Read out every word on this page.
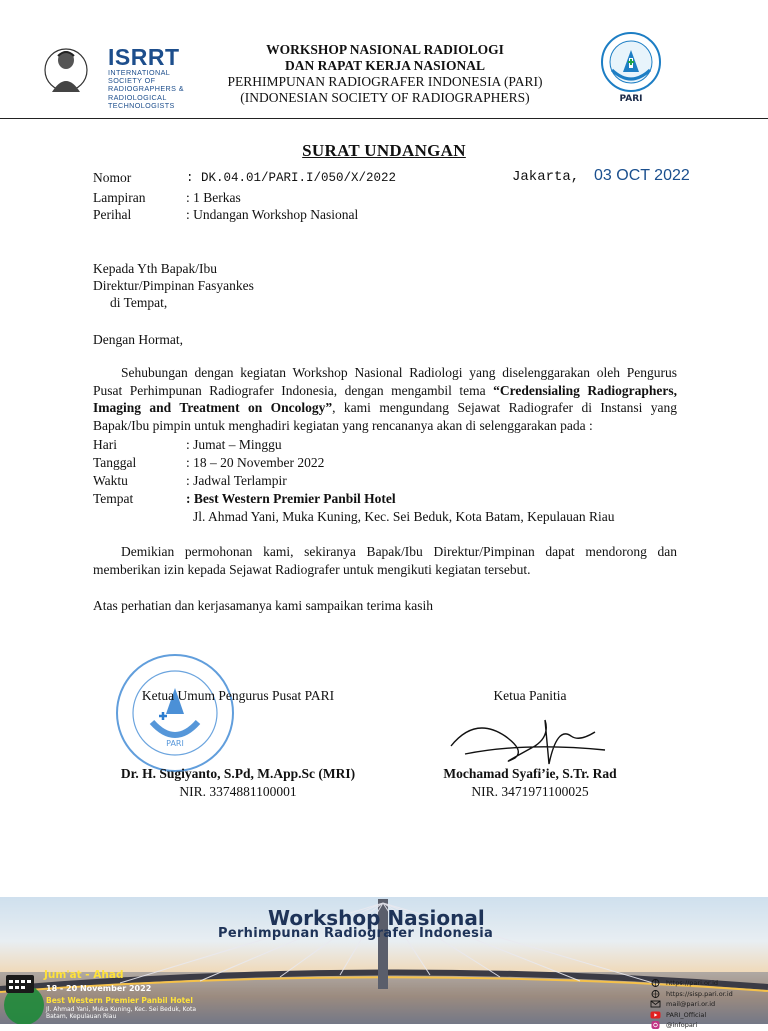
ISRRT
INTERNATIONAL SOCIETY OF RADIOGRAPHERS & RADIOLOGICAL TECHNOLOGISTS
WORKSHOP NASIONAL RADIOLOGI
DAN RAPAT KERJA NASIONAL
PERHIMPUNAN RADIOGRAFER INDONESIA (PARI)
(INDONESIAN SOCIETY OF RADIOGRAPHERS)	PARI
SURAT UNDANGAN
Nomor	: DK.04.01/PARI.I/050/X/2022
Lampiran	: 1 Berkas
Perihal	: Undangan Workshop Nasional
Jakarta, 03 OCT 2022
Kepada Yth Bapak/Ibu
Direktur/Pimpinan Fasyankes
di Tempat,
Dengan Hormat,
Sehubungan dengan kegiatan Workshop Nasional Radiologi yang diselenggarakan oleh Pengurus Pusat Perhimpunan Radiografer Indonesia, dengan mengambil tema “Credensialing Radiographers, Imaging and Treatment on Oncology”, kami mengundang Sejawat Radiografer di Instansi yang Bapak/Ibu pimpin untuk menghadiri kegiatan yang rencananya akan di selenggarakan pada :
Hari	: Jumat – Minggu
Tanggal	: 18 – 20 November 2022
Waktu	: Jadwal Terlampir
Tempat	: Best Western Premier Panbil Hotel
Jl. Ahmad Yani, Muka Kuning, Kec. Sei Beduk, Kota Batam, Kepulauan Riau
Demikian permohonan kami, sekiranya Bapak/Ibu Direktur/Pimpinan dapat mendorong dan memberikan izin kepada Sejawat Radiografer untuk mengikuti kegiatan tersebut.
Atas perhatian dan kerjasamanya kami sampaikan terima kasih
PARI
Ketua Umum Pengurus Pusat PARI
Dr. H. Sugiyanto, S.Pd, M.App.Sc (MRI)
NIR. 3374881100001
Ketua Panitia
Mochamad Syafi’ie, S.Tr. Rad
NIR. 3471971100025
Workshop Nasional
Perhimpunan Radiografer Indonesia
Jum'at - Ahad
18 - 20 November 2022
Best Western Premier Panbil Hotel
Jl. Ahmad Yani, Muka Kuning, Kec. Sei Beduk, Kota Batam, Kepulauan Riau
https://pari.or.id
https://sisp.pari.or.id
mail@pari.or.id
PARI_Official
@infopari
